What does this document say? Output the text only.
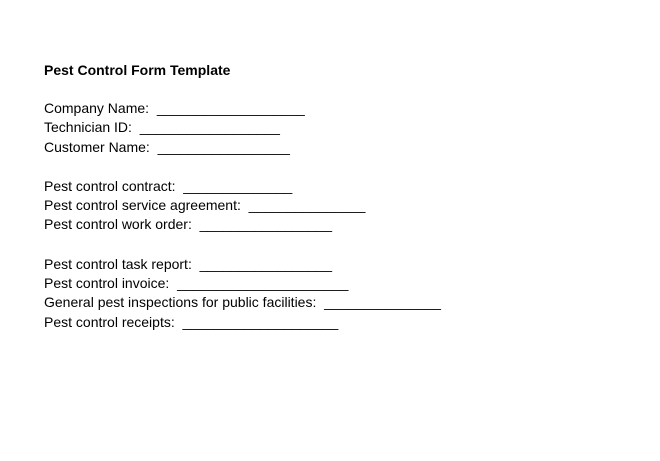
Pest Control Form Template
Company Name:  ___________________
Technician ID:  __________________
Customer Name:  _________________
Pest control contract:  ______________
Pest control service agreement:  _______________
Pest control work order:  _________________
Pest control task report:  _________________
Pest control invoice:  ______________________
General pest inspections for public facilities:  _______________
Pest control receipts:  ____________________
